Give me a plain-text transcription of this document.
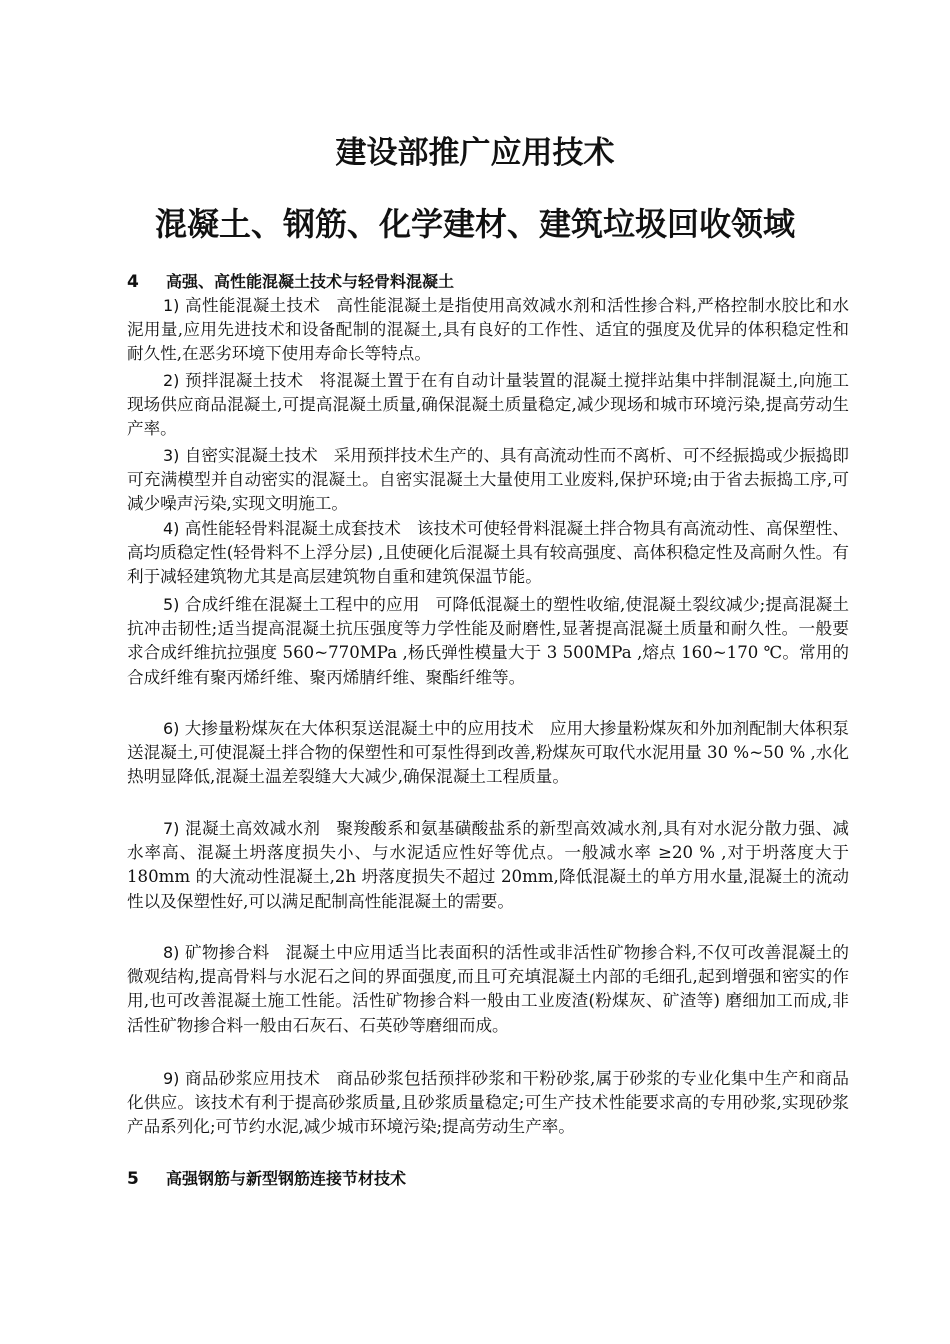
建设部推广应用技术
混凝土、钢筋、化学建材、建筑垃圾回收领域
4 高强、高性能混凝土技术与轻骨料混凝土

1) 高性能混凝土技术 高性能混凝土是指使用高效减水剂和活性掺合料,严格控制水胶比和水泥用量,应用先进技术和设备配制的混凝土,具有良好的工作性、适宜的强度及优异的体积稳定性和耐久性,在恶劣环境下使用寿命长等特点。

2) 预拌混凝土技术 将混凝土置于在有自动计量装置的混凝土搅拌站集中拌制混凝土,向施工现场供应商品混凝土,可提高混凝土质量,确保混凝土质量稳定,减少现场和城市环境污染,提高劳动生产率。

3) 自密实混凝土技术 采用预拌技术生产的、具有高流动性而不离析、可不经振捣或少振捣即可充满模型并自动密实的混凝土。自密实混凝土大量使用工业废料,保护环境;由于省去振捣工序,可减少噪声污染,实现文明施工。

4) 高性能轻骨料混凝土成套技术 该技术可使轻骨料混凝土拌合物具有高流动性、高保塑性、高均质稳定性(轻骨料不上浮分层) ,且使硬化后混凝土具有较高强度、高体积稳定性及高耐久性。有利于减轻建筑物尤其是高层建筑物自重和建筑保温节能。

5) 合成纤维在混凝土工程中的应用 可降低混凝土的塑性收缩,使混凝土裂纹减少;提高混凝土抗冲击韧性;适当提高混凝土抗压强度等力学性能及耐磨性,显著提高混凝土质量和耐久性。一般要求合成纤维抗拉强度 560~770MPa ,杨氏弹性模量大于 3 500MPa ,熔点 160~170 ℃。常用的合成纤维有聚丙烯纤维、聚丙烯腈纤维、聚酯纤维等。

6) 大掺量粉煤灰在大体积泵送混凝土中的应用技术 应用大掺量粉煤灰和外加剂配制大体积泵送混凝土,可使混凝土拌合物的保塑性和可泵性得到改善,粉煤灰可取代水泥用量 30 %~50 % ,水化热明显降低,混凝土温差裂缝大大减少,确保混凝土工程质量。

7) 混凝土高效减水剂 聚羧酸系和氨基磺酸盐系的新型高效减水剂,具有对水泥分散力强、减水率高、混凝土坍落度损失小、与水泥适应性好等优点。一般减水率 ≥20 % ,对于坍落度大于 180mm 的大流动性混凝土,2h 坍落度损失不超过 20mm,降低混凝土的单方用水量,混凝土的流动性以及保塑性好,可以满足配制高性能混凝土的需要。

8) 矿物掺合料 混凝土中应用适当比表面积的活性或非活性矿物掺合料,不仅可改善混凝土的微观结构,提高骨料与水泥石之间的界面强度,而且可充填混凝土内部的毛细孔,起到增强和密实的作用,也可改善混凝土施工性能。活性矿物掺合料一般由工业废渣(粉煤灰、矿渣等) 磨细加工而成,非活性矿物掺合料一般由石灰石、石英砂等磨细而成。

9) 商品砂浆应用技术 商品砂浆包括预拌砂浆和干粉砂浆,属于砂浆的专业化集中生产和商品化供应。该技术有利于提高砂浆质量,且砂浆质量稳定;可生产技术性能要求高的专用砂浆,实现砂浆产品系列化;可节约水泥,减少城市环境污染;提高劳动生产率。

5 高强钢筋与新型钢筋连接节材技术
